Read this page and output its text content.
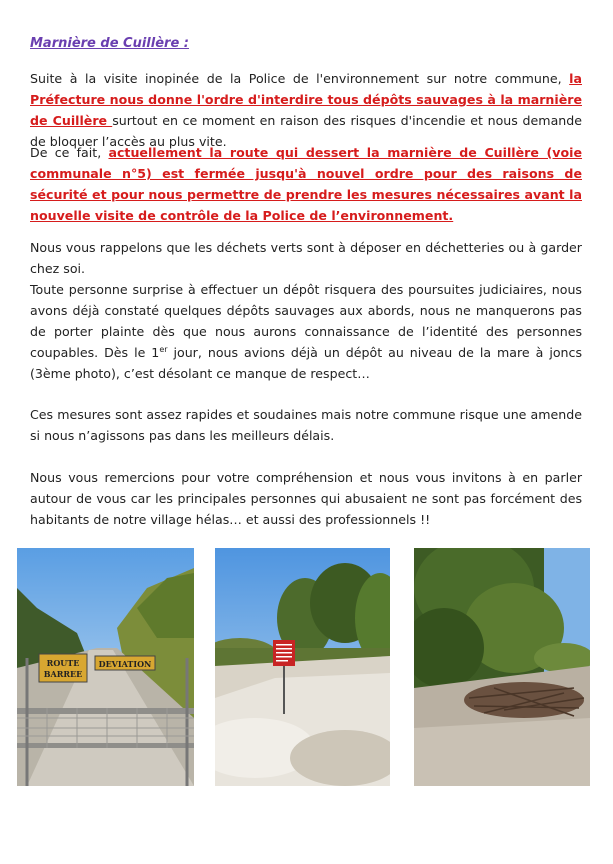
Marnière de Cuillère :

Suite à la visite inopinée de la Police de l'environnement sur notre commune, la Préfecture nous donne l'ordre d'interdire tous dépôts sauvages à la marnière de Cuillère surtout en ce moment en raison des risques d'incendie et nous demande de bloquer l’accès au plus vite.

De ce fait, actuellement la route qui dessert la marnière de Cuillère (voie communale n°5) est fermée jusqu'à nouvel ordre pour des raisons de sécurité et pour nous permettre de prendre les mesures nécessaires avant la nouvelle visite de contrôle de la Police de l’environnement.

Nous vous rappelons que les déchets verts sont à déposer en déchetteries ou à garder chez soi.

Toute personne surprise à effectuer un dépôt risquera des poursuites judiciaires, nous avons déjà constaté quelques dépôts sauvages aux abords, nous ne manquerons pas de porter plainte dès que nous aurons connaissance de l’identité des personnes coupables. Dès le 1er jour, nous avions déjà un dépôt au niveau de la mare à joncs (3ème photo), c’est désolant ce manque de respect…

Ces mesures sont assez rapides et soudaines mais notre commune risque une amende si nous n’agissons pas dans les meilleurs délais.

Nous vous remercions pour votre compréhension et nous vous invitons à en parler autour de vous car les principales personnes qui abusaient ne sont pas forcément des habitants de notre village hélas… et aussi des professionnels !!

ROUTE
BARREE
DEVIATION
